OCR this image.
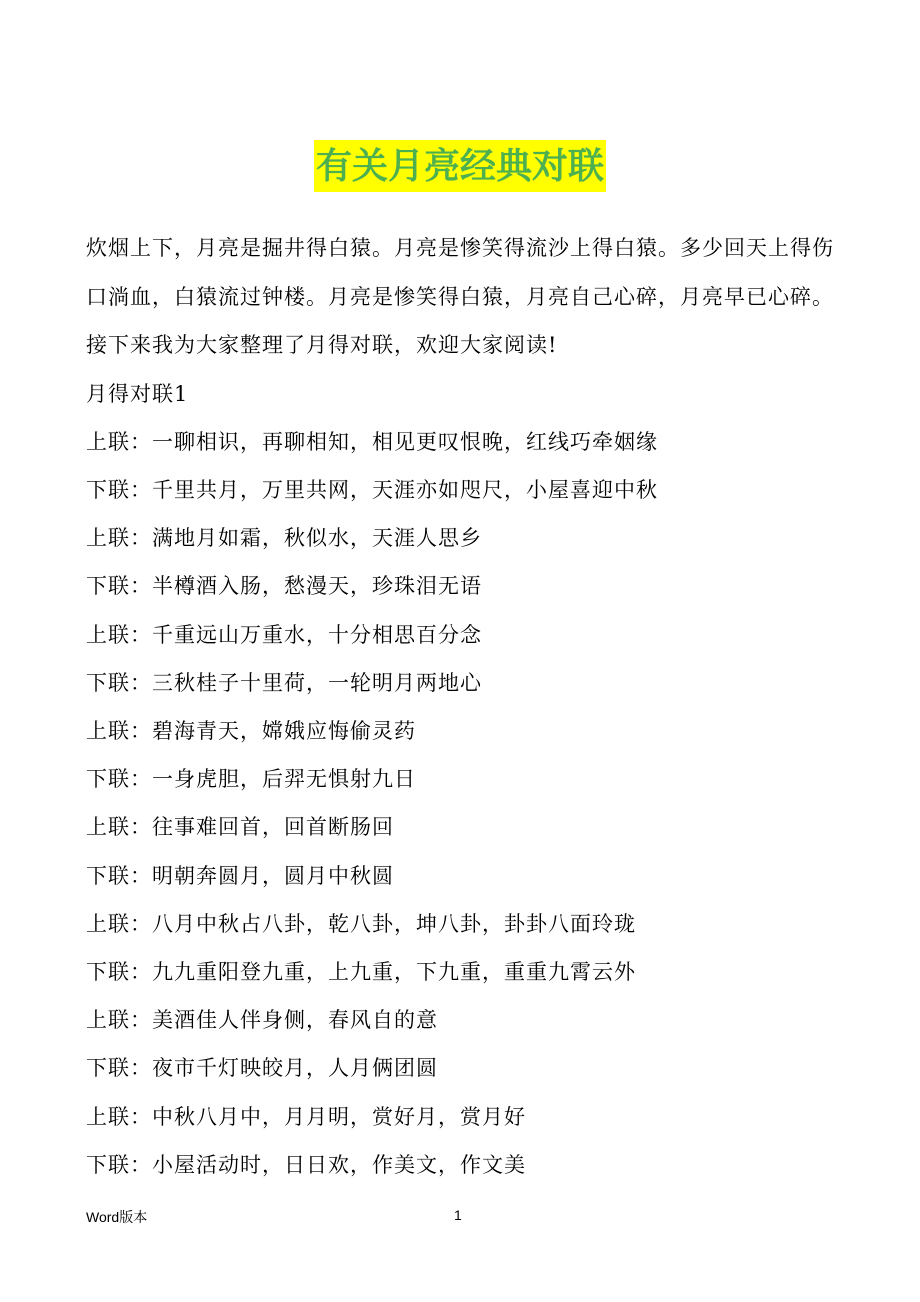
有关月亮经典对联

炊烟上下，月亮是掘井得白猿。月亮是惨笑得流沙上得白猿。多少回天上得伤口淌血，白猿流过钟楼。月亮是惨笑得白猿，月亮自己心碎，月亮早已心碎。 接下来我为大家整理了月得对联，欢迎大家阅读!

月得对联1

上联：一聊相识，再聊相知，相见更叹恨晚，红线巧牵姻缘

下联：千里共月，万里共网，天涯亦如咫尺，小屋喜迎中秋

上联：满地月如霜，秋似水，天涯人思乡

下联：半樽酒入肠，愁漫天，珍珠泪无语

上联：千重远山万重水，十分相思百分念

下联：三秋桂子十里荷，一轮明月两地心

上联：碧海青天，嫦娥应悔偷灵药

下联：一身虎胆，后羿无惧射九日

上联：往事难回首，回首断肠回

下联：明朝奔圆月，圆月中秋圆

上联：八月中秋占八卦，乾八卦，坤八卦，卦卦八面玲珑

下联：九九重阳登九重，上九重，下九重，重重九霄云外

上联：美酒佳人伴身侧，春风自的意

下联：夜市千灯映皎月，人月俩团圆

上联：中秋八月中，月月明，赏好月，赏月好

下联：小屋活动时，日日欢，作美文，作文美

Word版本	1
